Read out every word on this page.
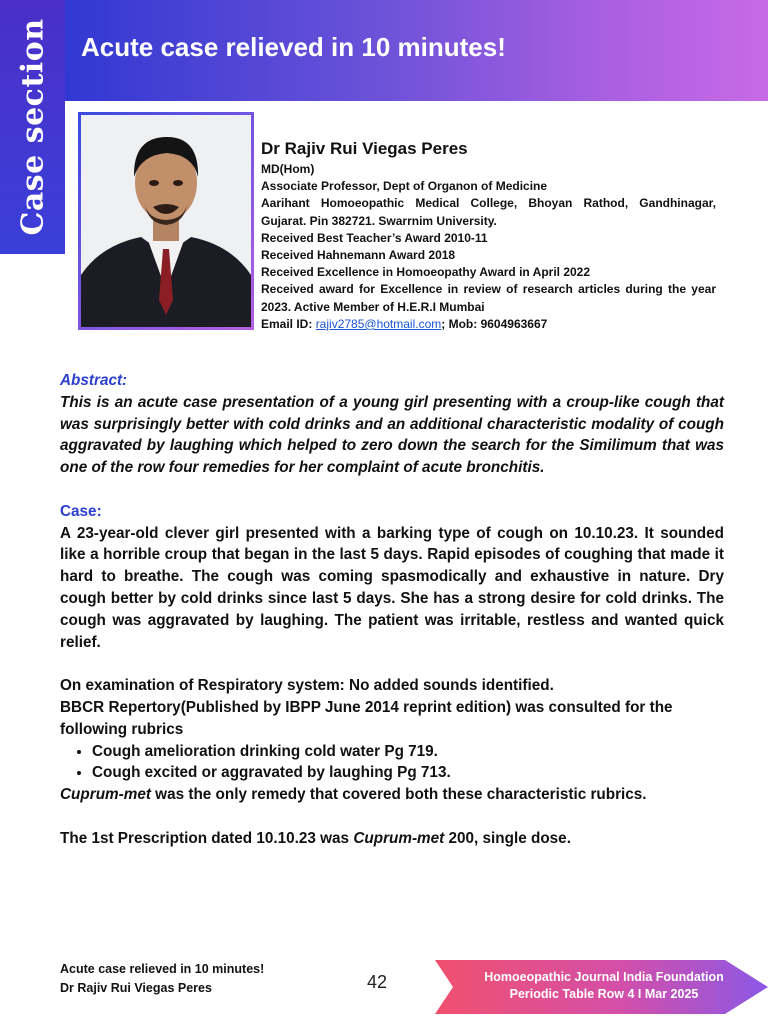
Case section Acute case relieved in 10 minutes!
Dr Rajiv Rui Viegas Peres
MD(Hom)
Associate Professor, Dept of Organon of Medicine
Aarihant Homoeopathic Medical College, Bhoyan Rathod, Gandhinagar, Gujarat. Pin 382721. Swarrnim University.
Received Best Teacher’s Award 2010-11
Received Hahnemann Award 2018
Received Excellence in Homoeopathy Award in April 2022
Received award for Excellence in review of research articles during the year 2023. Active Member of H.E.R.I Mumbai
Email ID: rajiv2785@hotmail.com; Mob: 9604963667
Abstract:
This is an acute case presentation of a young girl presenting with a croup-like cough that was surprisingly better with cold drinks and an additional characteristic modality of cough aggravated by laughing which helped to zero down the search for the Similimum that was one of the row four remedies for her complaint of acute bronchitis.
Case:
A 23-year-old clever girl presented with a barking type of cough on 10.10.23. It sounded like a horrible croup that began in the last 5 days. Rapid episodes of coughing that made it hard to breathe. The cough was coming spasmodically and exhaustive in nature. Dry cough better by cold drinks since last 5 days. She has a strong desire for cold drinks. The cough was aggravated by laughing. The patient was irritable, restless and wanted quick relief.
On examination of Respiratory system: No added sounds identified.
BBCR Repertory(Published by IBPP June 2014 reprint edition) was consulted for the following rubrics
• Cough amelioration drinking cold water Pg 719.
• Cough excited or aggravated by laughing Pg 713.
Cuprum-met was the only remedy that covered both these characteristic rubrics.
The 1st Prescription dated 10.10.23 was Cuprum-met 200, single dose.
Acute case relieved in 10 minutes!
Dr Rajiv Rui Viegas Peres	42	Homoeopathic Journal India Foundation
Periodic Table Row 4 I Mar 2025
